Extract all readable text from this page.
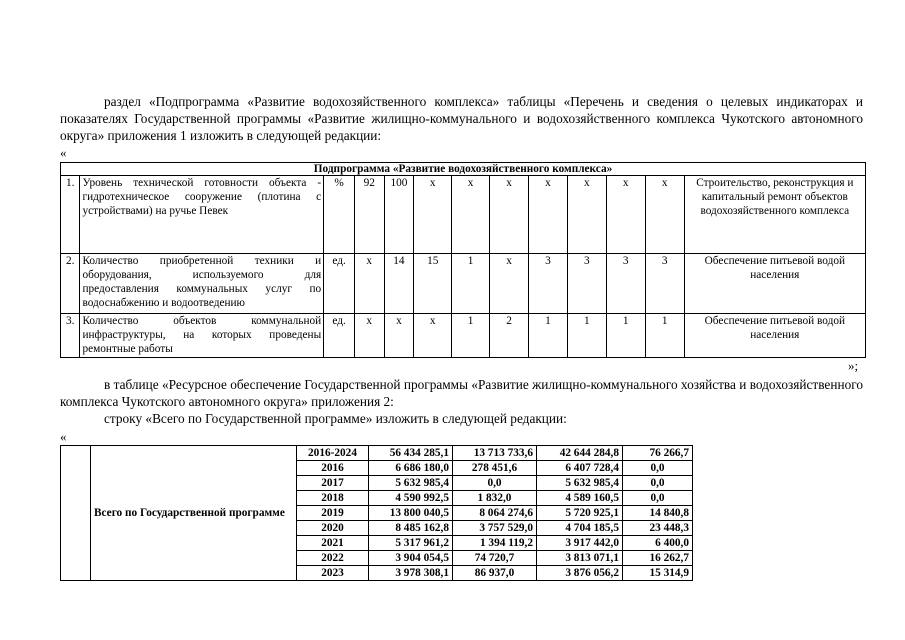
раздел «Подпрограмма «Развитие водохозяйственного комплекса» таблицы «Перечень и сведения о целевых индикаторах и показателях Государственной программы «Развитие жилищно-коммунального и водохозяйственного комплекса Чукотского автономного округа» приложения 1 изложить в следующей редакции:

«
Подпрограмма «Развитие водохозяйственного комплекса»												
1.	Уровень технической готовности объекта - гидротехническое сооружение (плотина с устройствами) на ручье Певек	%	92	100	х	х	х	х	х	х	х	Строительство, реконструкция и капитальный ремонт объектов водохозяйственного комплекса
2.	Количество приобретенной техники и оборудования, используемого для предоставления коммунальных услуг по водоснабжению и водоотведению	ед.	х	14	15	1	х	3	3	3	3	Обеспечение питьевой водой населения
3.	Количество объектов коммунальной инфраструктуры, на которых проведены ремонтные работы	ед.	х	х	х	1	2	1	1	1	1	Обеспечение питьевой водой населения
»;

в таблице «Ресурсное обеспечение Государственной программы «Развитие жилищно-коммунального хозяйства и водохозяйственного комплекса Чукотского автономного округа» приложения 2:

строку «Всего по Государственной программе» изложить в следующей редакции:

«
	Всего по Государственной программе	2016-2024	56 434 285,1	13 713 733,6	42 644 284,8	76 266,7
		2016	6 686 180,0	278 451,6	6 407 728,4	0,0
		2017	5 632 985,4	0,0	5 632 985,4	0,0
		2018	4 590 992,5	1 832,0	4 589 160,5	0,0
		2019	13 800 040,5	8 064 274,6	5 720 925,1	14 840,8
		2020	8 485 162,8	3 757 529,0	4 704 185,5	23 448,3
		2021	5 317 961,2	1 394 119,2	3 917 442,0	6 400,0
		2022	3 904 054,5	74 720,7	3 813 071,1	16 262,7
		2023	3 978 308,1	86 937,0	3 876 056,2	15 314,9
